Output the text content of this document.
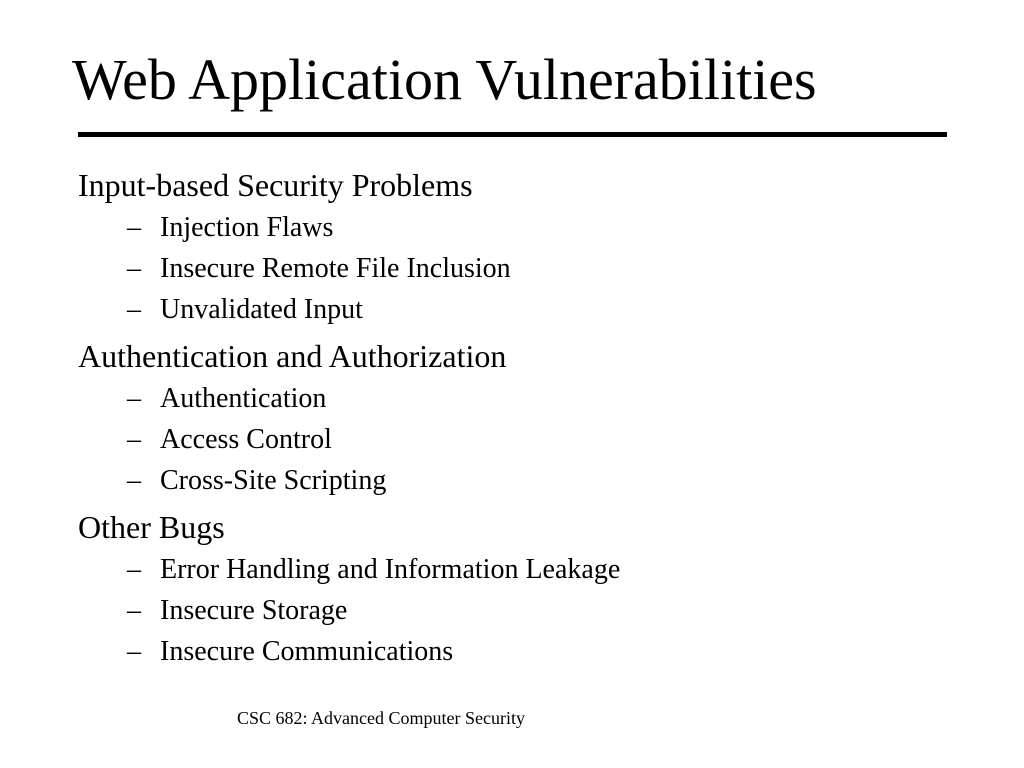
Web Application Vulnerabilities
Input-based Security Problems
– Injection Flaws
– Insecure Remote File Inclusion
– Unvalidated Input
Authentication and Authorization
– Authentication
– Access Control
– Cross-Site Scripting
Other Bugs
– Error Handling and Information Leakage
– Insecure Storage
– Insecure Communications
CSC 682: Advanced Computer Security
